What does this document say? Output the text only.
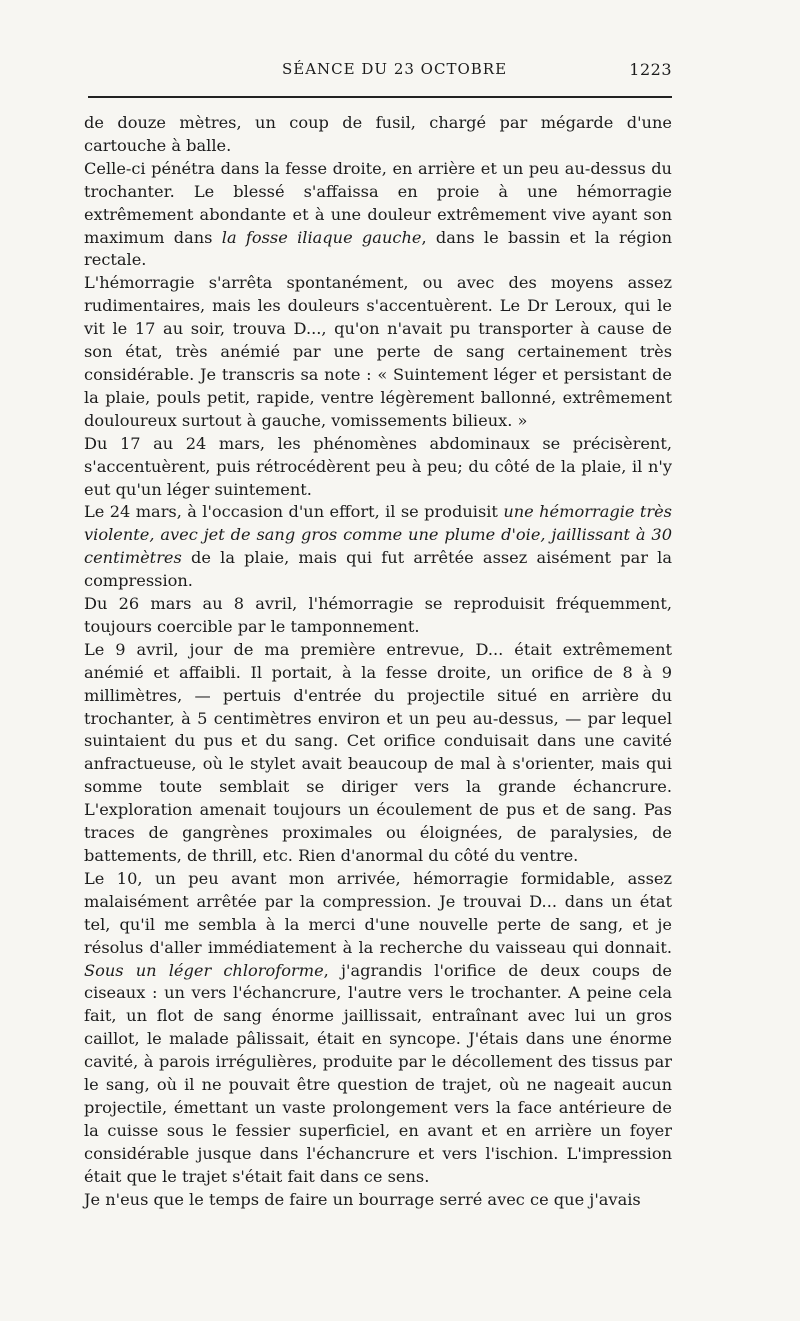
SÉANCE DU 23 OCTOBRE	1223

de douze mètres, un coup de fusil, chargé par mégarde d'une cartouche à balle.

Celle-ci pénétra dans la fesse droite, en arrière et un peu au-dessus du trochanter. Le blessé s'affaissa en proie à une hémorragie extrêmement abondante et à une douleur extrêmement vive ayant son maximum dans la fosse iliaque gauche, dans le bassin et la région rectale.

L'hémorragie s'arrêta spontanément, ou avec des moyens assez rudimentaires, mais les douleurs s'accentuèrent. Le Dr Leroux, qui le vit le 17 au soir, trouva D..., qu'on n'avait pu transporter à cause de son état, très anémié par une perte de sang certainement très considérable. Je transcris sa note : « Suintement léger et persistant de la plaie, pouls petit, rapide, ventre légèrement ballonné, extrêmement douloureux surtout à gauche, vomissements bilieux. »

Du 17 au 24 mars, les phénomènes abdominaux se précisèrent, s'accentuèrent, puis rétrocédèrent peu à peu; du côté de la plaie, il n'y eut qu'un léger suintement.

Le 24 mars, à l'occasion d'un effort, il se produisit une hémorragie très violente, avec jet de sang gros comme une plume d'oie, jaillissant à 30 centimètres de la plaie, mais qui fut arrêtée assez aisément par la compression.

Du 26 mars au 8 avril, l'hémorragie se reproduisit fréquemment, toujours coercible par le tamponnement.

Le 9 avril, jour de ma première entrevue, D... était extrêmement anémié et affaibli. Il portait, à la fesse droite, un orifice de 8 à 9 millimètres, — pertuis d'entrée du projectile situé en arrière du trochanter, à 5 centimètres environ et un peu au-dessus, — par lequel suintaient du pus et du sang. Cet orifice conduisait dans une cavité anfractueuse, où le stylet avait beaucoup de mal à s'orienter, mais qui somme toute semblait se diriger vers la grande échancrure. L'exploration amenait toujours un écoulement de pus et de sang. Pas traces de gangrènes proximales ou éloignées, de paralysies, de battements, de thrill, etc. Rien d'anormal du côté du ventre.

Le 10, un peu avant mon arrivée, hémorragie formidable, assez malaisément arrêtée par la compression. Je trouvai D... dans un état tel, qu'il me sembla à la merci d'une nouvelle perte de sang, et je résolus d'aller immédiatement à la recherche du vaisseau qui donnait. Sous un léger chloroforme, j'agrandis l'orifice de deux coups de ciseaux : un vers l'échancrure, l'autre vers le trochanter. A peine cela fait, un flot de sang énorme jaillissait, entraînant avec lui un gros caillot, le malade pâlissait, était en syncope. J'étais dans une énorme cavité, à parois irrégulières, produite par le décollement des tissus par le sang, où il ne pouvait être question de trajet, où ne nageait aucun projectile, émettant un vaste prolongement vers la face antérieure de la cuisse sous le fessier superficiel, en avant et en arrière un foyer considérable jusque dans l'échancrure et vers l'ischion. L'impression était que le trajet s'était fait dans ce sens.

Je n'eus que le temps de faire un bourrage serré avec ce que j'avais
